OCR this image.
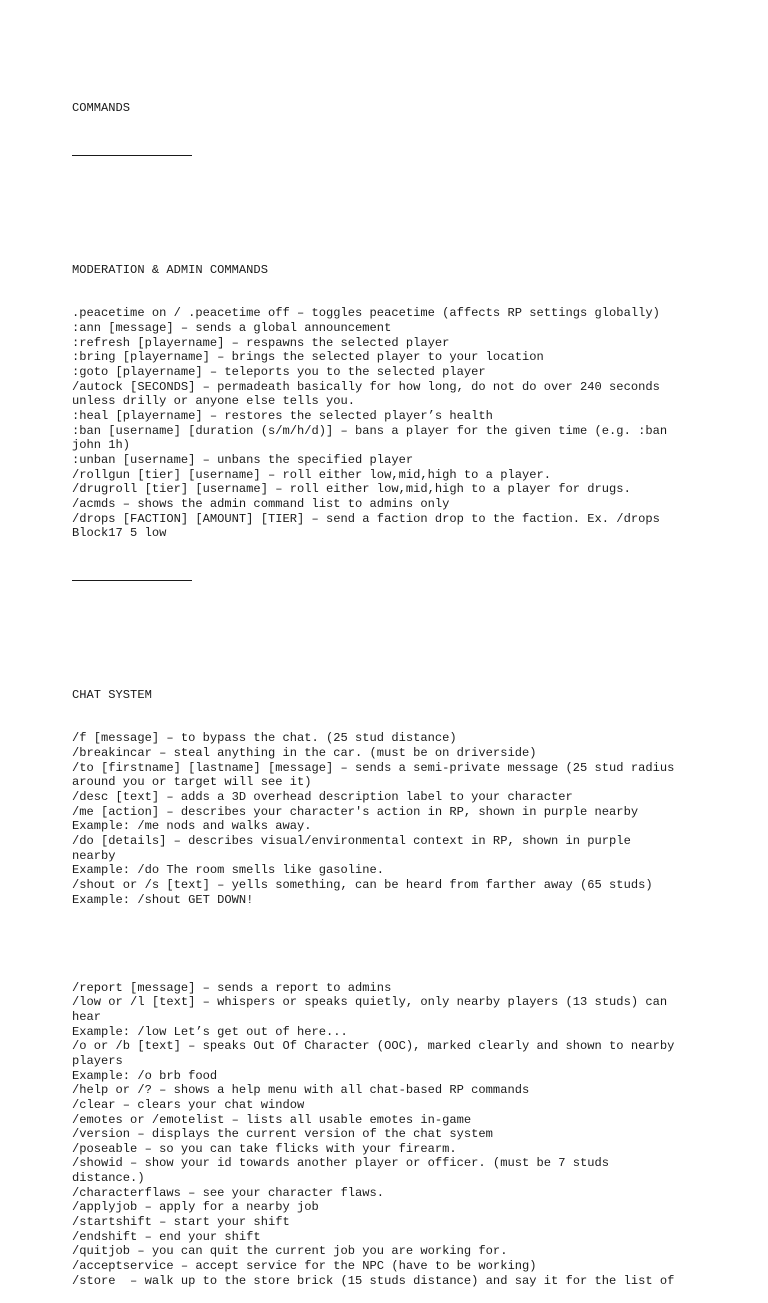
COMMANDS

MODERATION & ADMIN COMMANDS

.peacetime on / .peacetime off – toggles peacetime (affects RP settings globally)
:ann [message] – sends a global announcement
:refresh [playername] – respawns the selected player
:bring [playername] – brings the selected player to your location
:goto [playername] – teleports you to the selected player
/autock [SECONDS] – permadeath basically for how long, do not do over 240 seconds
unless drilly or anyone else tells you.
:heal [playername] – restores the selected player’s health
:ban [username] [duration (s/m/h/d)] – bans a player for the given time (e.g. :ban
john 1h)
:unban [username] – unbans the specified player
/rollgun [tier] [username] – roll either low,mid,high to a player.
/drugroll [tier] [username] – roll either low,mid,high to a player for drugs.
/acmds – shows the admin command list to admins only
/drops [FACTION] [AMOUNT] [TIER] – send a faction drop to the faction. Ex. /drops
Block17 5 low

CHAT SYSTEM

/f [message] – to bypass the chat. (25 stud distance)
/breakincar – steal anything in the car. (must be on driverside)
/to [firstname] [lastname] [message] – sends a semi-private message (25 stud radius
around you or target will see it)
/desc [text] – adds a 3D overhead description label to your character
/me [action] – describes your character's action in RP, shown in purple nearby
Example: /me nods and walks away.
/do [details] – describes visual/environmental context in RP, shown in purple
nearby
Example: /do The room smells like gasoline.
/shout or /s [text] – yells something, can be heard from farther away (65 studs)
Example: /shout GET DOWN!

/report [message] – sends a report to admins
/low or /l [text] – whispers or speaks quietly, only nearby players (13 studs) can
hear
Example: /low Let’s get out of here...
/o or /b [text] – speaks Out Of Character (OOC), marked clearly and shown to nearby
players
Example: /o brb food
/help or /? – shows a help menu with all chat-based RP commands
/clear – clears your chat window
/emotes or /emotelist – lists all usable emotes in-game
/version – displays the current version of the chat system
/poseable – so you can take flicks with your firearm.
/showid – show your id towards another player or officer. (must be 7 studs
distance.)
/characterflaws – see your character flaws.
/applyjob – apply for a nearby job
/startshift – start your shift
/endshift – end your shift
/quitjob – you can quit the current job you are working for.
/acceptservice – accept service for the NPC (have to be working)
/store  – walk up to the store brick (15 studs distance) and say it for the list of
